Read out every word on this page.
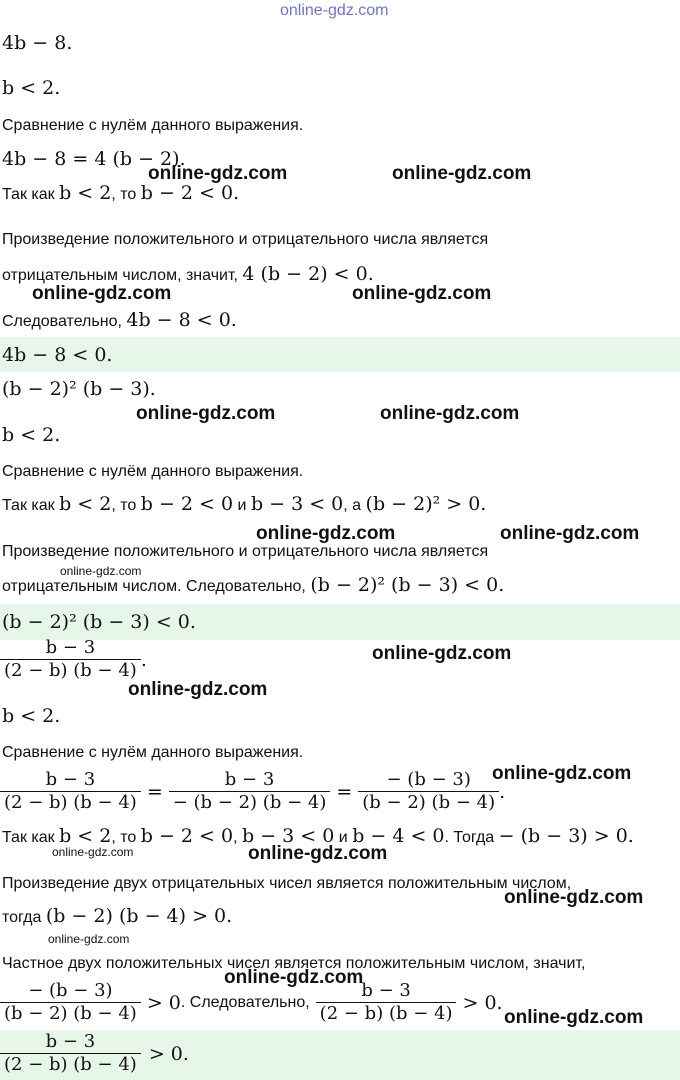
online-gdz.com
4b − 8.
b < 2.
Сравнение с нулём данного выражения.
4b − 8 = 4 (b − 2).
Так как b < 2, то b − 2 < 0.
Произведение положительного и отрицательного числа является
отрицательным числом, значит, 4 (b − 2) < 0.
Следовательно, 4b − 8 < 0.
4b − 8 < 0.
(b − 2)² (b − 3).
b < 2.
Сравнение с нулём данного выражения.
Так как b < 2, то b − 2 < 0 и b − 3 < 0, а (b − 2)² > 0.
Произведение положительного и отрицательного числа является
отрицательным числом. Следовательно, (b − 2)² (b − 3) < 0.
(b − 2)² (b − 3) < 0.
$\frac{b - 3}{(2 - b) (b - 4)}$ .
b < 2.
Сравнение с нулём данного выражения.
$\frac{b - 3}{(2 - b) (b - 4)} = \frac{b - 3}{- (b - 2) (b - 4)} = \frac{- (b - 3)}{(b - 2) (b - 4)}$ .
Так как b < 2, то b − 2 < 0, b − 3 < 0 и b − 4 < 0. Тогда − (b − 3) > 0.
Произведение двух отрицательных чисел является положительным числом,
тогда (b − 2) (b − 4) > 0.
Частное двух положительных чисел является положительным числом, значит,
$\frac{- (b - 3)}{(b - 2) (b - 4)} > 0$ . Следовательно, $\frac{b - 3}{(2 - b) (b - 4)} > 0$.
$\frac{b - 3}{(2 - b) (b - 4)} > 0$.
online-gdz.com	online-gdz.com
online-gdz.com	online-gdz.com
online-gdz.com	online-gdz.com
online-gdz.com	online-gdz.com
online-gdz.com
online-gdz.com
online-gdz.com
online-gdz.com
online-gdz.com	online-gdz.com
online-gdz.com
online-gdz.com
online-gdz.com
online-gdz.com
